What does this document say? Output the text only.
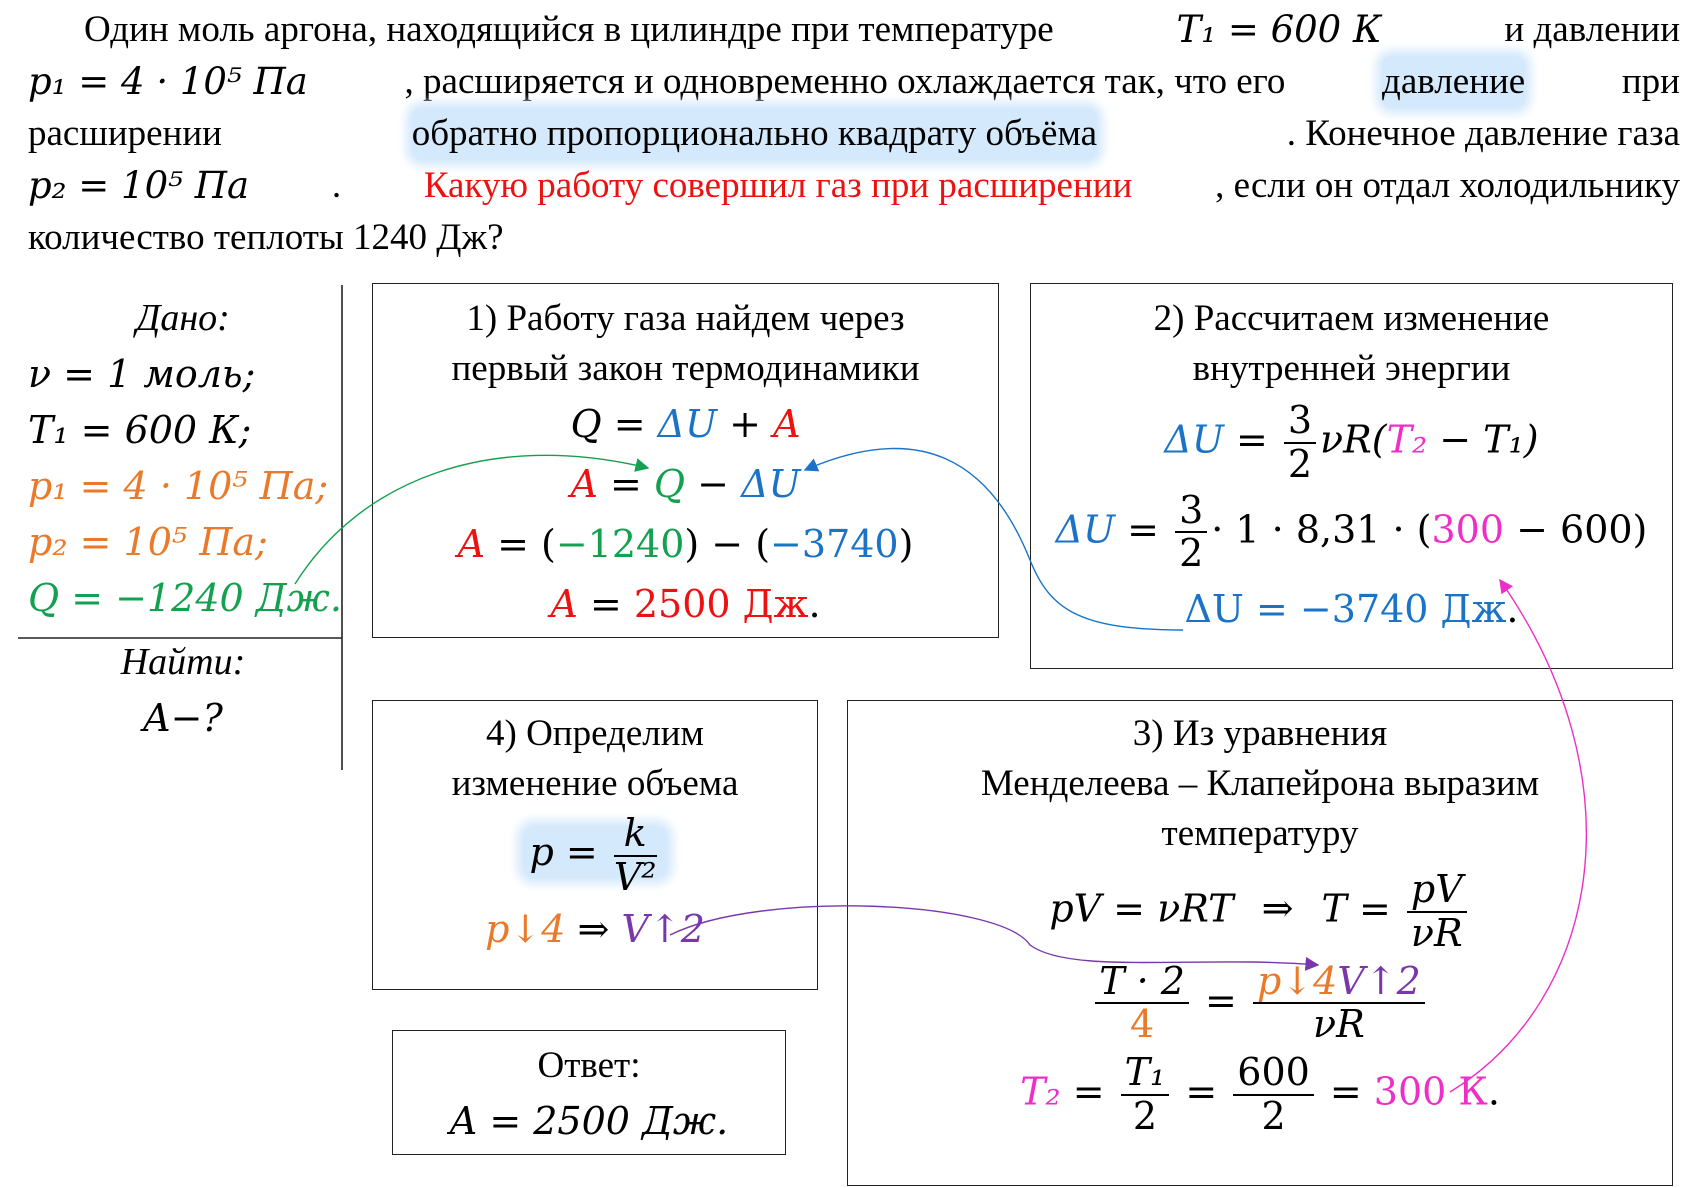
Один моль аргона, находящийся в цилиндре при температуре	T₁ = 600 К	и давлении
p₁ = 4 · 10⁵ Па	, расширяется и одновременно охлаждается так, что его	давление	при
расширении	обратно пропорционально квадрату объёма	. Конечное давление газа
p₂ = 10⁵ Па . Какую работу совершил газ при расширении , если он отдал холодильнику
количество теплоты 1240 Дж?
Дано:
ν = 1 моль;
T₁ = 600 К;
p₁ = 4 · 10⁵ Па;
p₂ = 10⁵ Па;
Q = −1240 Дж.
Найти:
A−?
1) Работу газа найдем через
первый закон термодинамики
Q = ΔU + A
A = Q − ΔU
A = (−1240) − (−3740)
A = 2500 Дж.
2) Рассчитаем изменение
внутренней энергии
$\Delta U = \frac{3}{2} \nu R(T_2 - T_1)$
$\Delta U = \frac{3}{2} \cdot 1 \cdot 8,31 \cdot (300 - 600)$
ΔU = −3740 Дж.
4) Определим
изменение объема
$p = \frac{k}{\text{V²}}$
p↓4 ⇒ V↑2
3) Из уравнения
Менделеева – Клапейрона выразим
температуру
pV = νRT ⇒ $T = \frac{pV}{\nu R}$
$\frac{T \cdot 2}{4} = \frac{p↓4V↑2}{\nu R}$
$T_2 = \frac{\text{T₁}}{2} = \frac{600}{2} = 300$ К.
Ответ:
A = 2500 Дж.
